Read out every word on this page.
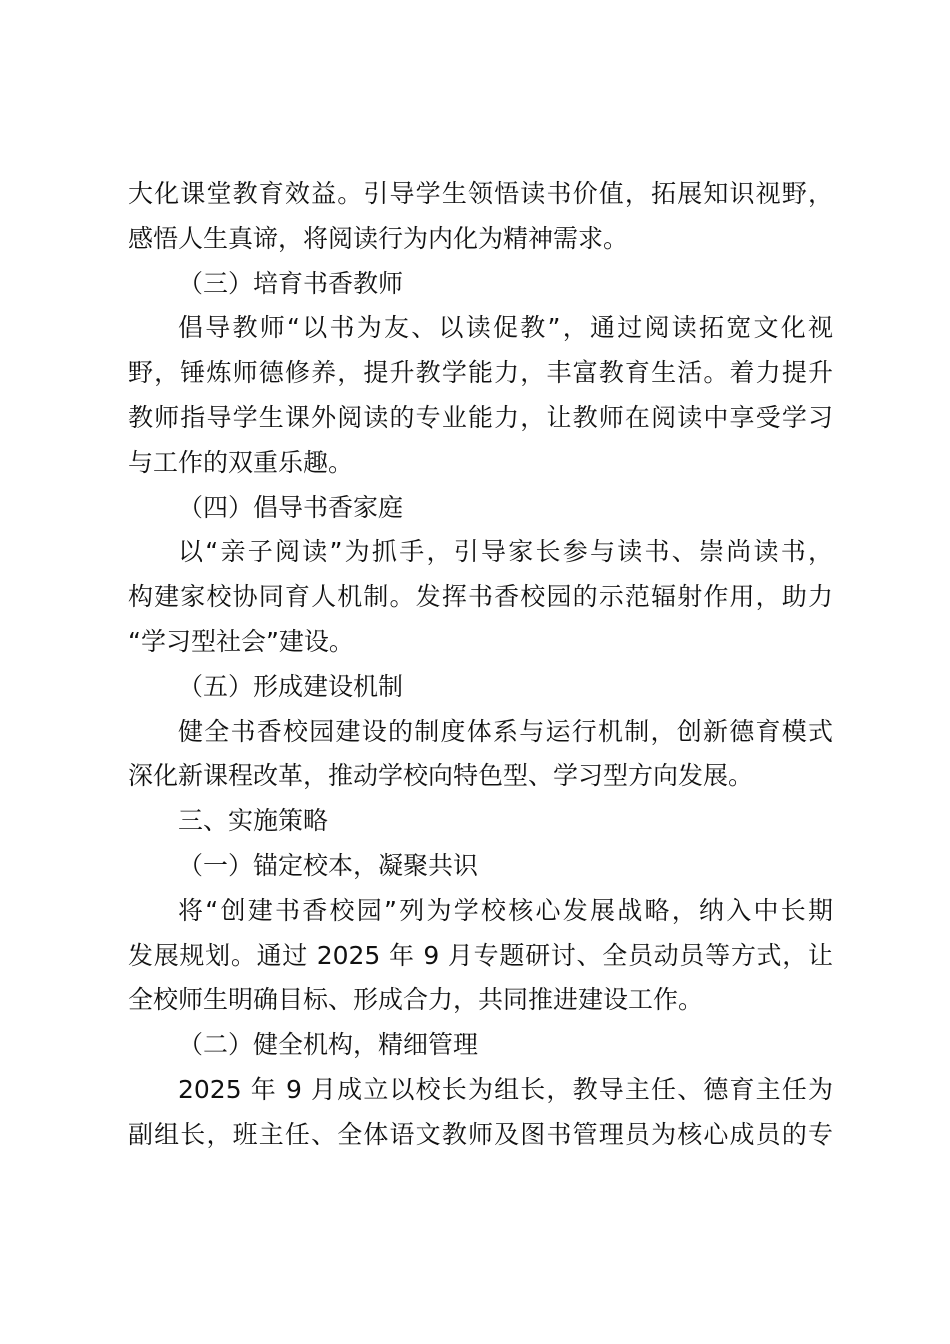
大化课堂教育效益。引导学生领悟读书价值，拓展知识视野，
感悟人生真谛，将阅读行为内化为精神需求。
（三）培育书香教师
倡导教师“以书为友、以读促教”，通过阅读拓宽文化视
野，锤炼师德修养，提升教学能力，丰富教育生活。着力提升
教师指导学生课外阅读的专业能力，让教师在阅读中享受学习
与工作的双重乐趣。
（四）倡导书香家庭
以“亲子阅读”为抓手，引导家长参与读书、崇尚读书，
构建家校协同育人机制。发挥书香校园的示范辐射作用，助力
“学习型社会”建设。
（五）形成建设机制
健全书香校园建设的制度体系与运行机制，创新德育模式
深化新课程改革，推动学校向特色型、学习型方向发展。
三、实施策略
（一）锚定校本，凝聚共识
将“创建书香校园”列为学校核心发展战略，纳入中长期
发展规划。通过 2025 年 9 月专题研讨、全员动员等方式，让
全校师生明确目标、形成合力，共同推进建设工作。
（二）健全机构，精细管理
2025 年 9 月成立以校长为组长，教导主任、德育主任为
副组长，班主任、全体语文教师及图书管理员为核心成员的专
